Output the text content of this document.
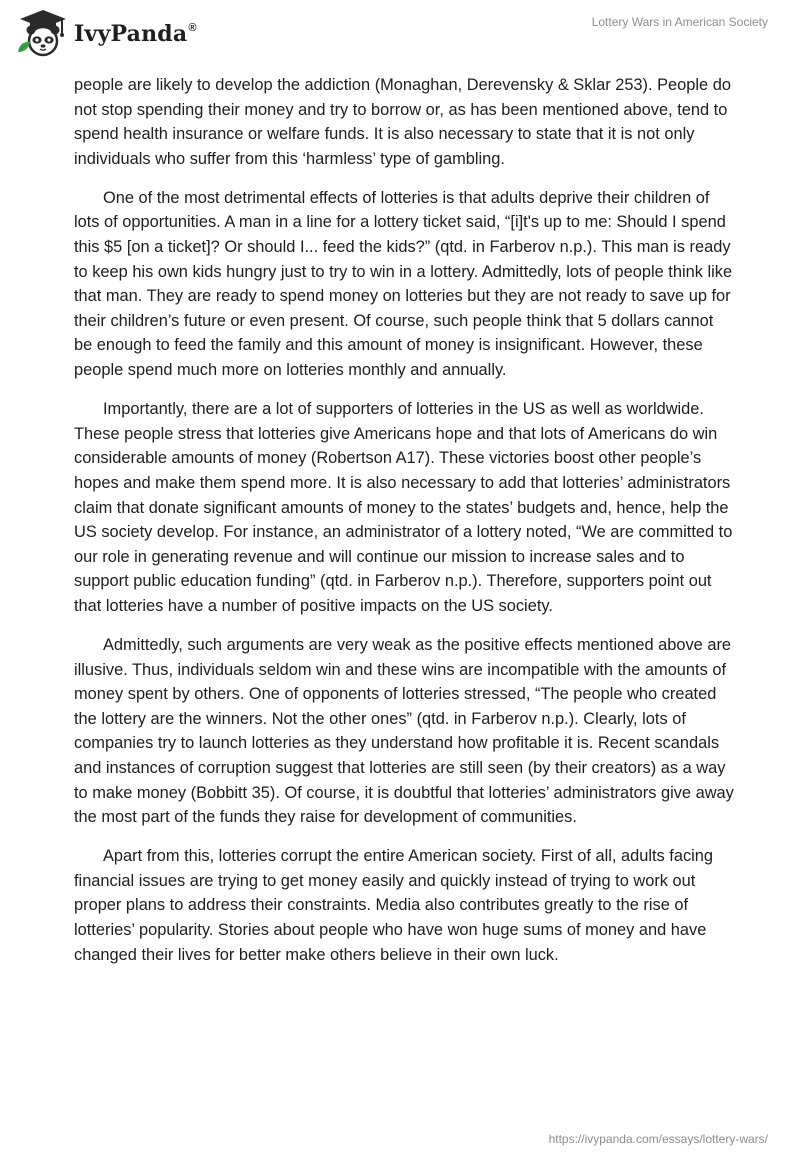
IvyPanda®	Lottery Wars in American Society

people are likely to develop the addiction (Monaghan, Derevensky & Sklar 253). People do not stop spending their money and try to borrow or, as has been mentioned above, tend to spend health insurance or welfare funds. It is also necessary to state that it is not only individuals who suffer from this ‘harmless’ type of gambling.

One of the most detrimental effects of lotteries is that adults deprive their children of lots of opportunities. A man in a line for a lottery ticket said, “[i]t's up to me: Should I spend this $5 [on a ticket]? Or should I... feed the kids?” (qtd. in Farberov n.p.). This man is ready to keep his own kids hungry just to try to win in a lottery. Admittedly, lots of people think like that man. They are ready to spend money on lotteries but they are not ready to save up for their children’s future or even present. Of course, such people think that 5 dollars cannot be enough to feed the family and this amount of money is insignificant. However, these people spend much more on lotteries monthly and annually.

Importantly, there are a lot of supporters of lotteries in the US as well as worldwide. These people stress that lotteries give Americans hope and that lots of Americans do win considerable amounts of money (Robertson A17). These victories boost other people’s hopes and make them spend more. It is also necessary to add that lotteries’ administrators claim that donate significant amounts of money to the states’ budgets and, hence, help the US society develop. For instance, an administrator of a lottery noted, “We are committed to our role in generating revenue and will continue our mission to increase sales and to support public education funding” (qtd. in Farberov n.p.). Therefore, supporters point out that lotteries have a number of positive impacts on the US society.

Admittedly, such arguments are very weak as the positive effects mentioned above are illusive. Thus, individuals seldom win and these wins are incompatible with the amounts of money spent by others. One of opponents of lotteries stressed, “The people who created the lottery are the winners. Not the other ones” (qtd. in Farberov n.p.). Clearly, lots of companies try to launch lotteries as they understand how profitable it is. Recent scandals and instances of corruption suggest that lotteries are still seen (by their creators) as a way to make money (Bobbitt 35). Of course, it is doubtful that lotteries’ administrators give away the most part of the funds they raise for development of communities.

Apart from this, lotteries corrupt the entire American society. First of all, adults facing financial issues are trying to get money easily and quickly instead of trying to work out proper plans to address their constraints. Media also contributes greatly to the rise of lotteries’ popularity. Stories about people who have won huge sums of money and have changed their lives for better make others believe in their own luck.

https://ivypanda.com/essays/lottery-wars/
